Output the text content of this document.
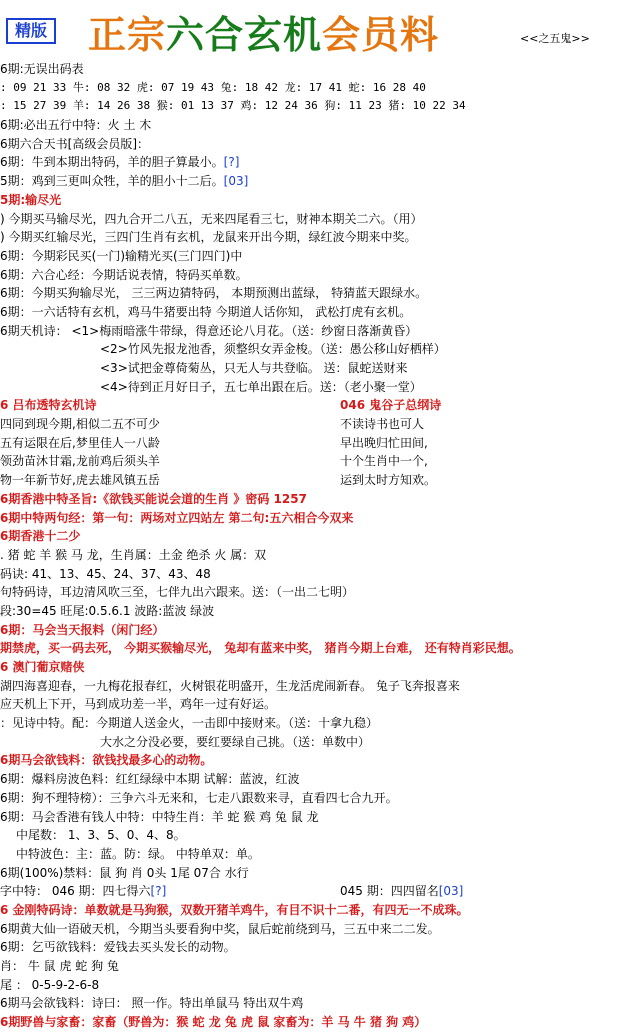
精版 正宗六合玄机会员料	<<之五鬼>>
6期:无误出码表
: 09 21 33 牛: 08 32 虎: 07 19 43 兔: 18 42 龙: 17 41 蛇: 16 28 40
: 15 27 39 羊: 14 26 38 猴: 01 13 37 鸡: 12 24 36 狗: 11 23 猪: 10 22 34
6期:必出五行中特：火 土 木
6期六合天书[高级会员版]：
6期：牛到本期出特码，羊的胆子算最小。[?]
5期：鸡到三更叫众牲，羊的胆小十二后。[03]
5期:输尽光
) 今期买马输尽光，四九合开二八五，无来四尾看三七，财神本期关二六。（用）
) 今期买红输尽光，三四门生肖有玄机，龙鼠来开出今期，绿红波今期来中奖。
6期：今期彩民买(一门)输精光买(三门四门)中
6期：六合心经：今期话说表情，特码买单数。
6期：今期买狗输尽光， 三三两边猜特码， 本期预测出蓝绿， 特猜蓝天跟绿水。
6期：一六话特有玄机，鸡马牛猪要出特 今期道人话你知， 武松打虎有玄机。
6期天机诗： <1>梅雨暗涨牛带绿，得意还论八月花。（送：纱窗日落渐黄昏）
<2>竹风先报龙池香，须整织女弄金梭。（送：愚公移山好栖样）
<3>试把金尊倚菊丛，只无人与共登临。 送：鼠蛇送财来
<4>待到正月好日子，五七单出跟在后。送：（老小聚一堂）
6 吕布透特玄机诗	046 鬼谷子总纲诗
四同到现今期,相似二五不可少	不读诗书也可人
五有运限在后,梦里佳人一八龄	早出晚归忙田间,
领劲苗沐甘霜,龙前鸡后须头羊	十个生肖中一个,
物一年新节好,虎去雄风镇五岳	运到太时方知欢。
6期香港中特圣旨:《欲钱买能说会道的生肖 》密码 1257
6期中特两句经：第一句：两场对立四站左 第二句:五六相合今双来
6期香港十二少
. 猪 蛇 羊 猴 马 龙，生肖属：土金 绝杀 火 属：双
码诀: 41、13、45、24、37、43、48
句特码诗，耳边清风吹三至，七伴九出六跟来。送：（一出二七明）
段:30=45 旺尾:0.5.6.1 波路:蓝波 绿波
6期：马会当天报料（闲门经）
期禁虎，买一码去死， 今期买猴输尽光， 兔却有蓝来中奖， 猪肖今期上台难， 还有特肖彩民想。
6 澳门葡京赌侠
湖四海喜迎春，一九梅花报春红，火树银花明盛开，生龙活虎闹新春。 兔子飞奔报喜来
应天机上下开，马到成功差一半，鸡年一过有好运。
：见诗中特。配：今期道人送金火，一击即中接财来。（送：十拿九稳）
大水之分没必要，要红要绿自己挑。（送：单数中）
6期马会欲钱料：欲钱找最多心的动物。
6期：爆料房波色料：红红绿绿中本期 试解：蓝波，红波
6期：狗不理特榜）：三争六斗无来和，七走八跟数来寻，直看四七合九开。
6期：马会香港有钱人中特：中特生肖：羊 蛇 猴 鸡 兔 鼠 龙
中尾数： 1、3、5、0、4、8。
中特波色：主：蓝。防：绿。 中特单双：单。
6期(100%)禁料：鼠 狗 肖 0头 1尾 07合 水行
字中特： 046 期：四七得六[?]	045 期：四四留名[03]
6 金刚特码诗：单数就是马狗猴，双数开猪羊鸡牛，有目不识十二番，有四无一不成珠。
6期黄大仙一语破天机，今期当头要看狗中奖，鼠后蛇前绕到马，三五中来二二发。
6期：乞丐欲钱料：爱钱去买头发长的动物。
肖： 牛 鼠 虎 蛇 狗 兔
尾 ： 0-5-9-2-6-8
6期马会欲钱料：诗曰： 照一作。特出单鼠马 特出双牛鸡
6期野兽与家畜：家畜（野兽为：猴 蛇 龙 兔 虎 鼠 家畜为：羊 马 牛 猪 狗 鸡）
